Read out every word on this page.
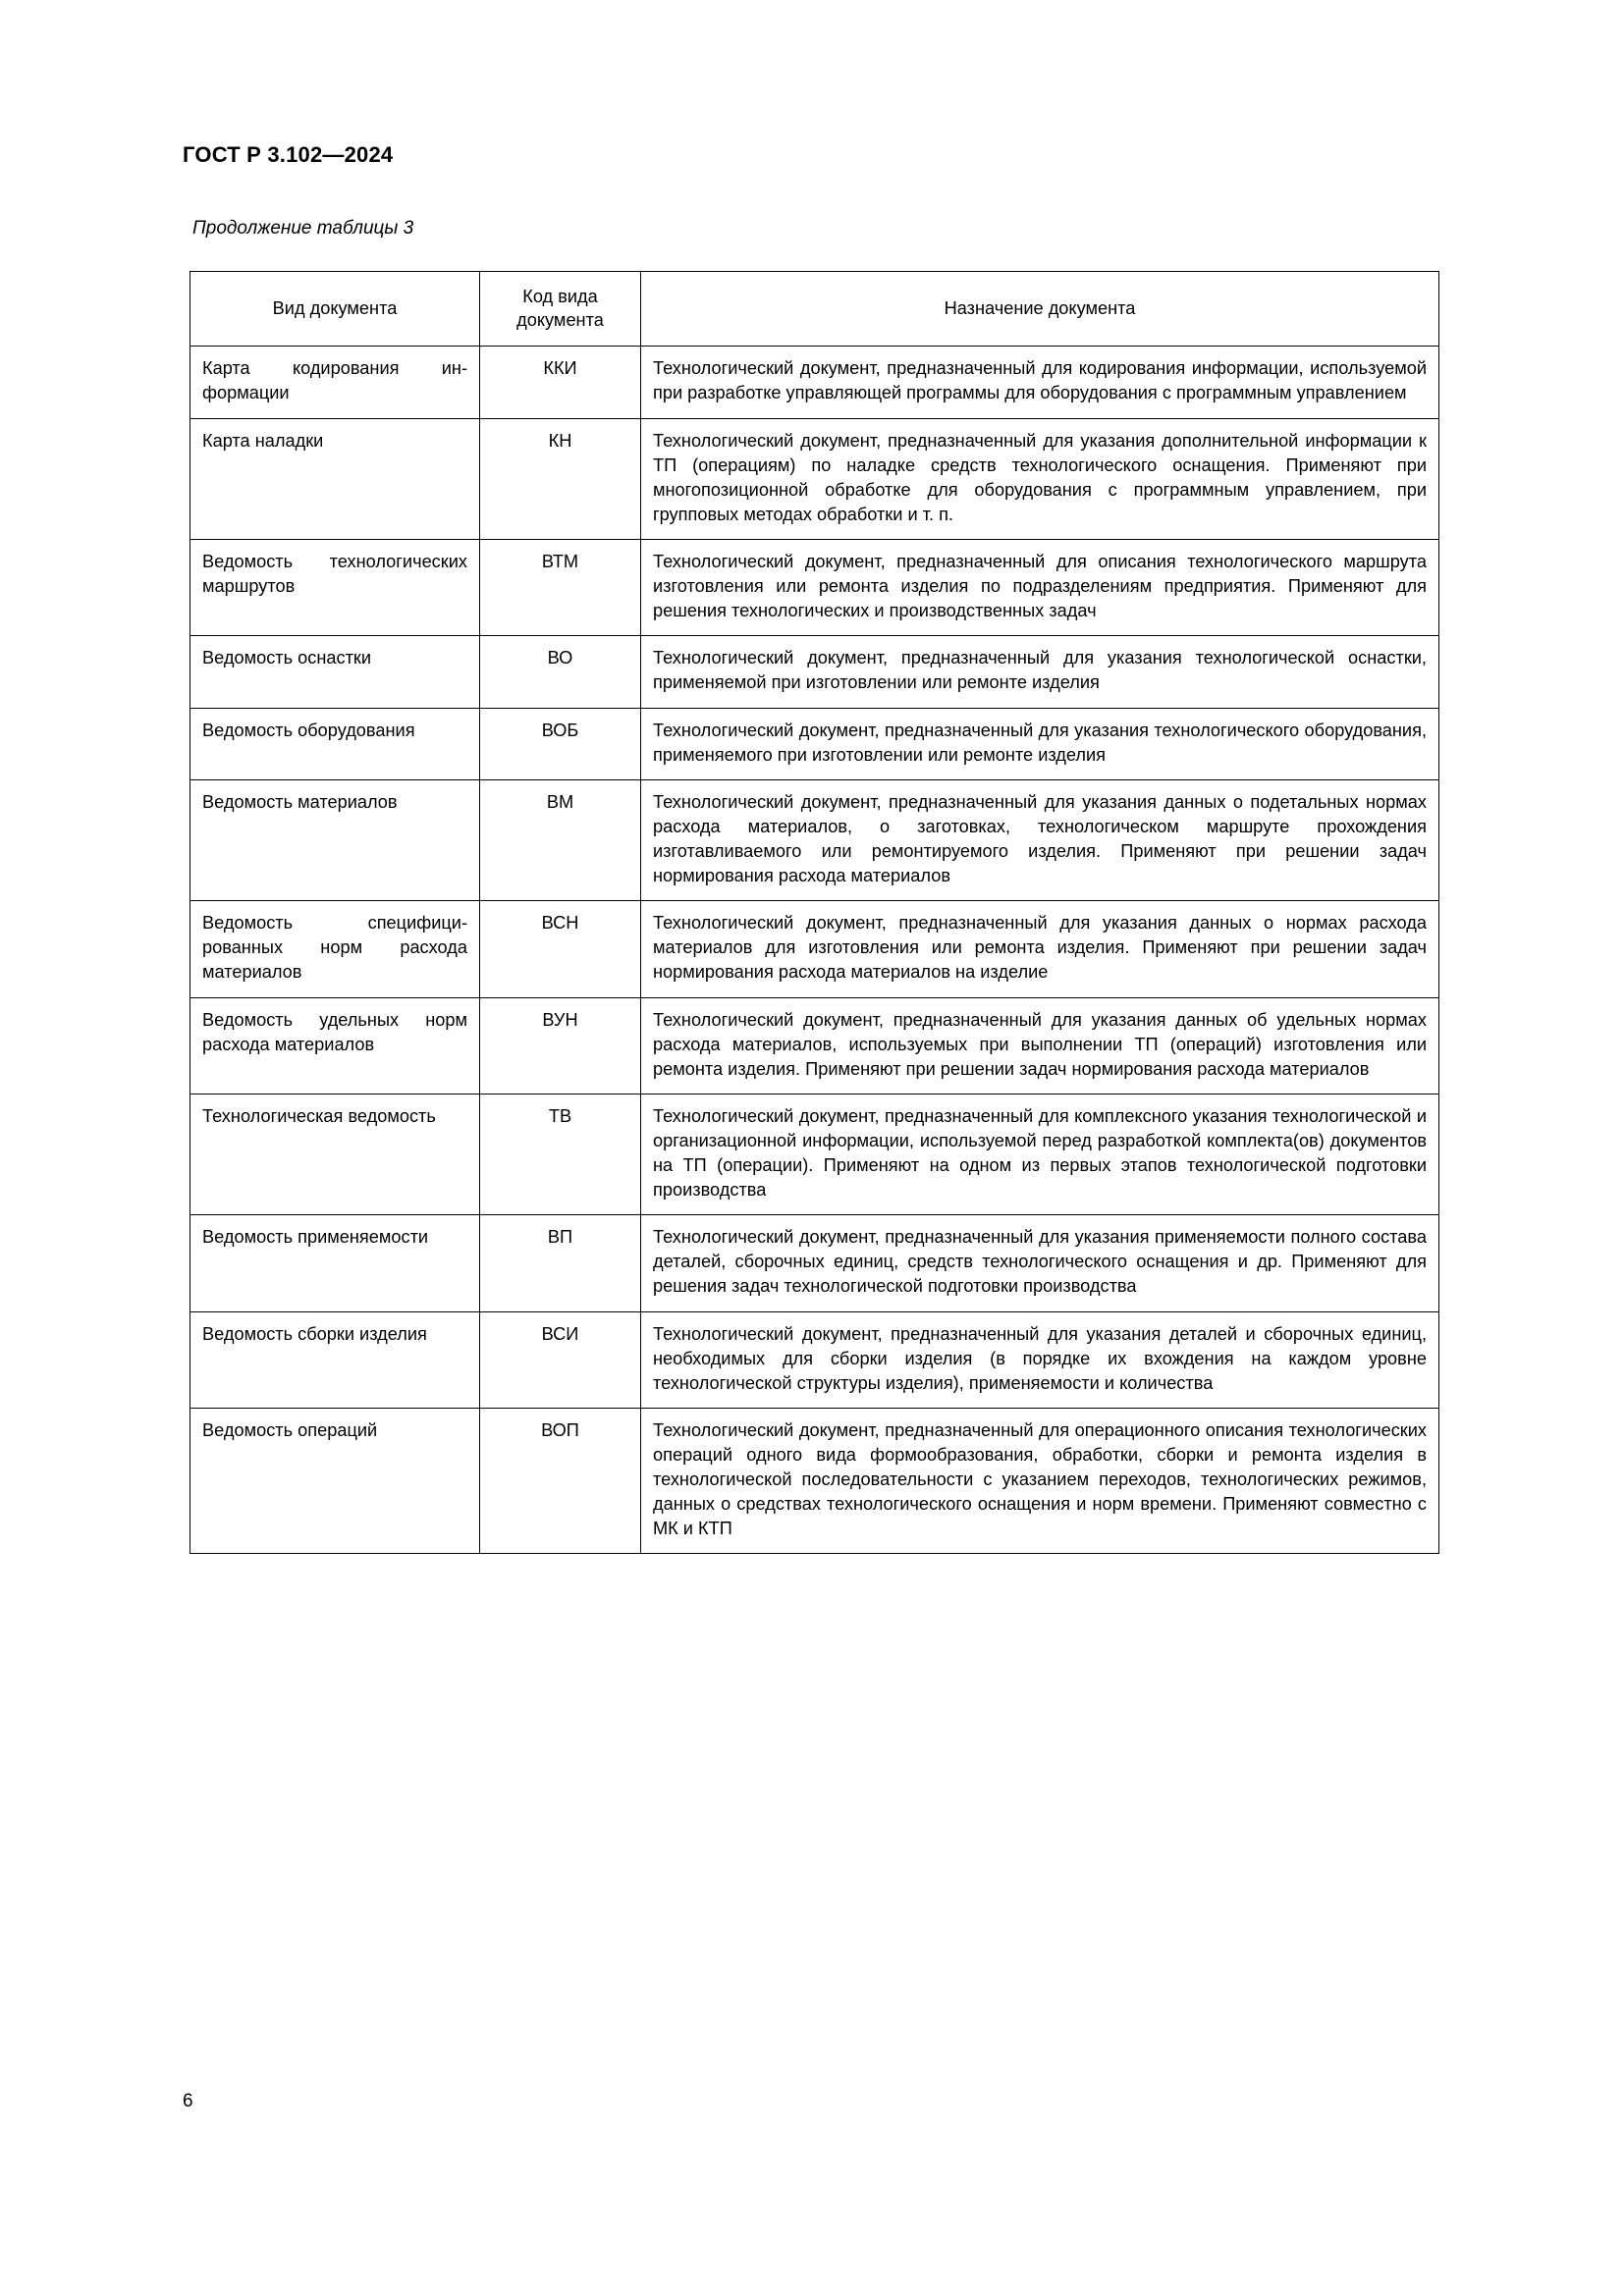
ГОСТ Р 3.102—2024
Продолжение таблицы 3
Вид документа	Код вида документа	Назначение документа
Карта кодирования информации	ККИ	Технологический документ, предназначенный для кодирования информации, используемой при разработке управляющей программы для оборудования с программным управлением
Карта наладки	КН	Технологический документ, предназначенный для указания дополнительной информации к ТП (операциям) по наладке средств технологического оснащения. Применяют при многопозиционной обработке для оборудования с программным управлением, при групповых методах обработки и т. п.
Ведомость технологических маршрутов	ВТМ	Технологический документ, предназначенный для описания технологического маршрута изготовления или ремонта изделия по подразделениям предприятия. Применяют для решения технологических и производственных задач
Ведомость оснастки	ВО	Технологический документ, предназначенный для указания технологической оснастки, применяемой при изготовлении или ремонте изделия
Ведомость оборудования	ВОБ	Технологический документ, предназначенный для указания технологического оборудования, применяемого при изготовлении или ремонте изделия
Ведомость материалов	ВМ	Технологический документ, предназначенный для указания данных о подетальных нормах расхода материалов, о заготовках, технологическом маршруте прохождения изготавливаемого или ремонтируемого изделия. Применяют при решении задач нормирования расхода материалов
Ведомость специфицированных норм расхода материалов	ВСН	Технологический документ, предназначенный для указания данных о нормах расхода материалов для изготовления или ремонта изделия. Применяют при решении задач нормирования расхода материалов на изделие
Ведомость удельных норм расхода материалов	ВУН	Технологический документ, предназначенный для указания данных об удельных нормах расхода материалов, используемых при выполнении ТП (операций) изготовления или ремонта изделия. Применяют при решении задач нормирования расхода материалов
Технологическая ведомость	ТВ	Технологический документ, предназначенный для комплексного указания технологической и организационной информации, используемой перед разработкой комплекта(ов) документов на ТП (операции). Применяют на одном из первых этапов технологической подготовки производства
Ведомость применяемости	ВП	Технологический документ, предназначенный для указания применяемости полного состава деталей, сборочных единиц, средств технологического оснащения и др. Применяют для решения задач технологической подготовки производства
Ведомость сборки изделия	ВСИ	Технологический документ, предназначенный для указания деталей и сборочных единиц, необходимых для сборки изделия (в порядке их вхождения на каждом уровне технологической структуры изделия), применяемости и количества
Ведомость операций	ВОП	Технологический документ, предназначенный для операционного описания технологических операций одного вида формообразования, обработки, сборки и ремонта изделия в технологической последовательности с указанием переходов, технологических режимов, данных о средствах технологического оснащения и норм времени. Применяют совместно с МК и КТП
6
